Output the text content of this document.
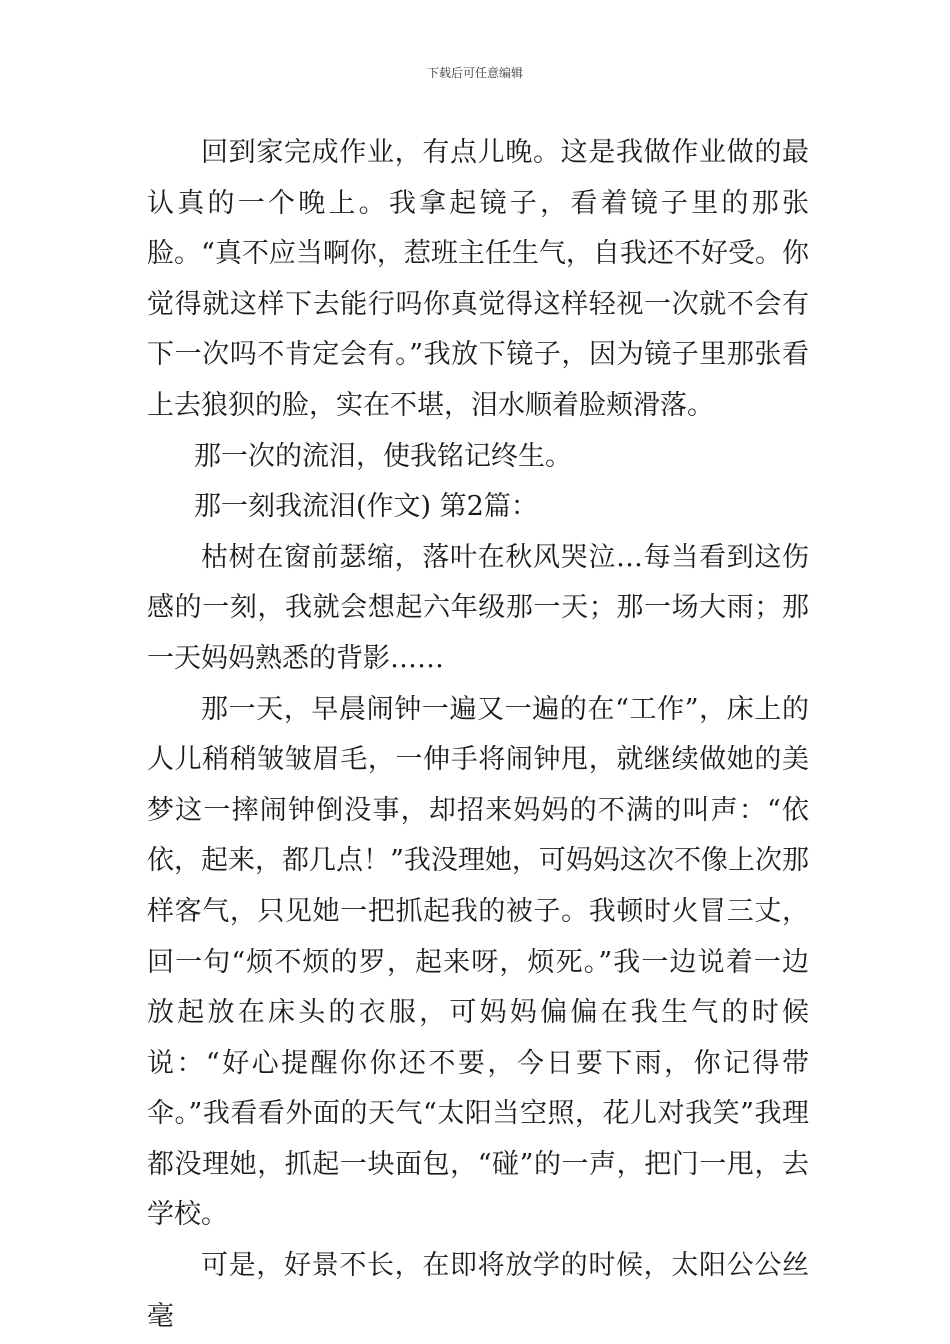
下载后可任意编辑

回到家完成作业，有点儿晚。这是我做作业做的最认真的一个晚上。我拿起镜子，看着镜子里的那张脸。“真不应当啊你，惹班主任生气，自我还不好受。你觉得就这样下去能行吗你真觉得这样轻视一次就不会有下一次吗不肯定会有。”我放下镜子，因为镜子里那张看上去狼狈的脸，实在不堪，泪水顺着脸颊滑落。

那一次的流泪，使我铭记终生。

那一刻我流泪(作文) 第2篇：

枯树在窗前瑟缩，落叶在秋风哭泣…每当看到这伤感的一刻，我就会想起六年级那一天；那一场大雨；那一天妈妈熟悉的背影……

那一天，早晨闹钟一遍又一遍的在“工作”，床上的人儿稍稍皱皱眉毛，一伸手将闹钟甩，就继续做她的美梦这一摔闹钟倒没事，却招来妈妈的不满的叫声：“依依，起来，都几点！”我没理她，可妈妈这次不像上次那样客气，只见她一把抓起我的被子。我顿时火冒三丈，回一句“烦不烦的罗，起来呀，烦死。”我一边说着一边放起放在床头的衣服，可妈妈偏偏在我生气的时候说：“好心提醒你你还不要，今日要下雨，你记得带伞。”我看看外面的天气“太阳当空照，花儿对我笑”我理都没理她，抓起一块面包，“碰”的一声，把门一甩，去学校。

可是，好景不长，在即将放学的时候，太阳公公丝毫
